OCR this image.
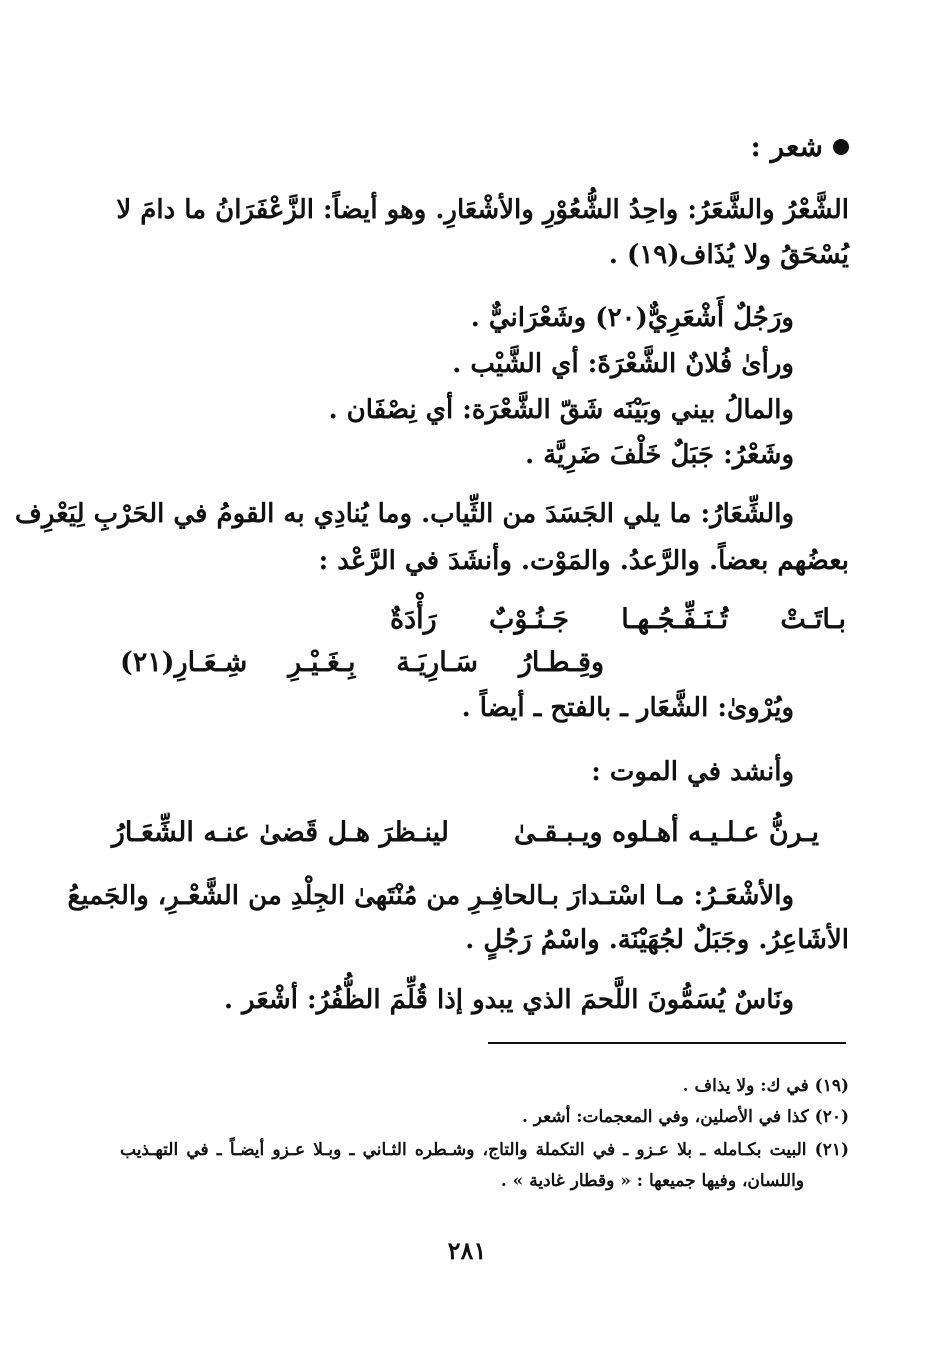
شعر :
الشَّعْرُ والشَّعَرُ: واحِدُ الشُّعُوْرِ والأشْعَارِ. وهو أيضاً: الزَّعْفَرَانُ ما دامَ لا
يُسْحَقُ ولا يُذَاف(١٩) .
ورَجُلٌ أَشْعَرِيٌّ(٢٠) وشَعْرَانيٌّ .
ورأىٰ فُلانٌ الشَّعْرَةَ: أي الشَّيْب .
والمالُ بيني وبَيْنَه شَقّ الشَّعْرَة: أي نِصْفَان .
وشَعْرُ: جَبَلٌ خَلْفَ ضَرِيَّة .
والشِّعَارُ: ما يلي الجَسَدَ من الثِّياب. وما يُنادِي به القومُ في الحَرْبِ لِيَعْرِف
بعضُهم بعضاً. والرَّعدُ. والمَوْت. وأنشَدَ في الرَّعْد :
بـاتَـتْ تُـنَـفِّـجُـهـا جَـنُـوْبٌ رَأْدَةٌ
وقِـطـارُ سَـارِيَـة بِـغَـيْـرِ شِـعَـارِ(٢١)
ويُرْوىٰ: الشَّعَار ـ بالفتح ـ أيضاً .
وأنشد في الموت :
يـرنُّ عـلـيـه أهـلوه ويـبـقـىٰ
لينـظرَ هـل قَضىٰ عنـه الشِّعَـارُ
والأشْعَـرُ: مـا اسْتـدارَ بـالحافِـرِ من مُنْتَهىٰ الجِلْدِ من الشَّعْـرِ، والجَميعُ
الأشَاعِرُ. وجَبَلٌ لجُهَيْنَة. واسْمُ رَجُلٍ .
ونَاسٌ يُسَمُّونَ اللَّحمَ الذي يبدو إذا قُلِّمَ الظُّفُرُ: أشْعَر .
(١٩) في ك: ولا يذاف .
(٢٠) كذا في الأصلين، وفي المعجمات: أشعر .
(٢١) البيت بكـامله ـ بلا عـزو ـ في التكملة والتاج، وشـطره الثـاني ـ وبـلا عـزو أيضـاً ـ في التهـذيب
واللسان، وفيها جميعها : « وقطار غادية » .
٢٨١
